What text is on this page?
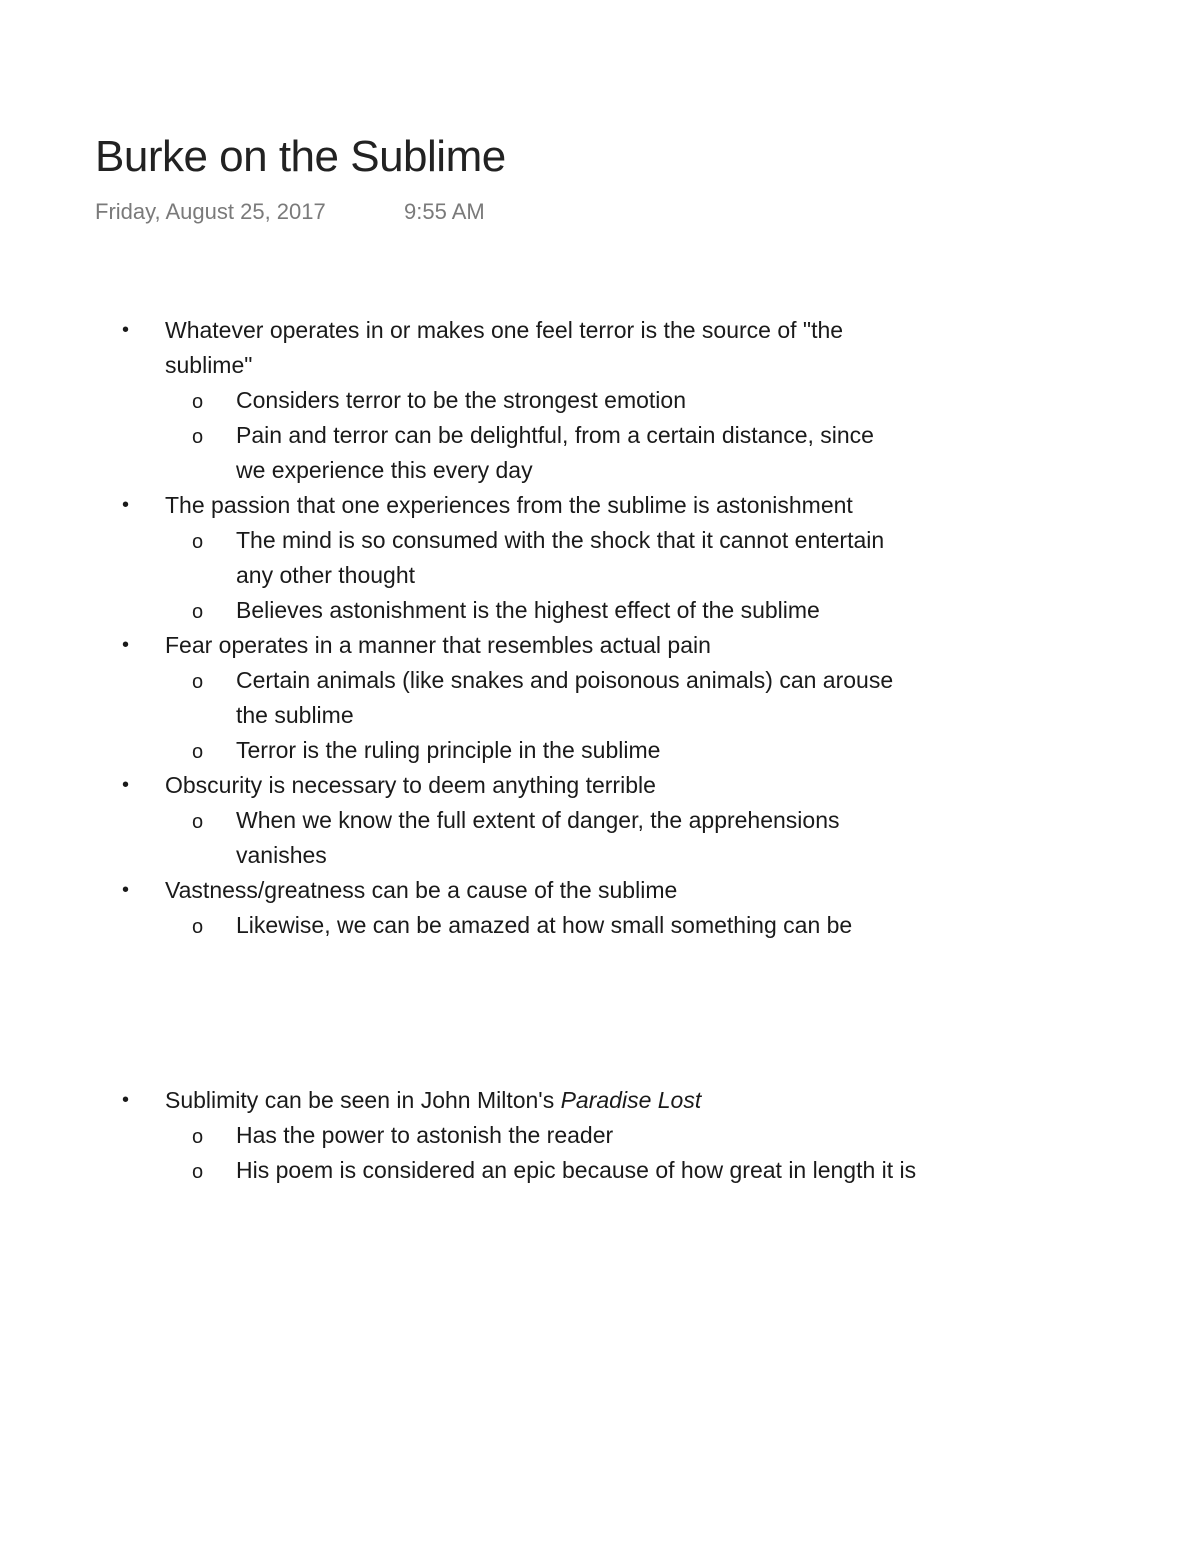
Burke on the Sublime
Friday, August 25, 2017	9:55 AM
• Whatever operates in or makes one feel terror is the source of "the
sublime"
o Considers terror to be the strongest emotion
o Pain and terror can be delightful, from a certain distance, since
we experience this every day
• The passion that one experiences from the sublime is astonishment
o The mind is so consumed with the shock that it cannot entertain
any other thought
o Believes astonishment is the highest effect of the sublime
• Fear operates in a manner that resembles actual pain
o Certain animals (like snakes and poisonous animals) can arouse
the sublime
o Terror is the ruling principle in the sublime
• Obscurity is necessary to deem anything terrible
o When we know the full extent of danger, the apprehensions
vanishes
• Vastness/greatness can be a cause of the sublime
o Likewise, we can be amazed at how small something can be
• Sublimity can be seen in John Milton's Paradise Lost
o Has the power to astonish the reader
o His poem is considered an epic because of how great in length it is
